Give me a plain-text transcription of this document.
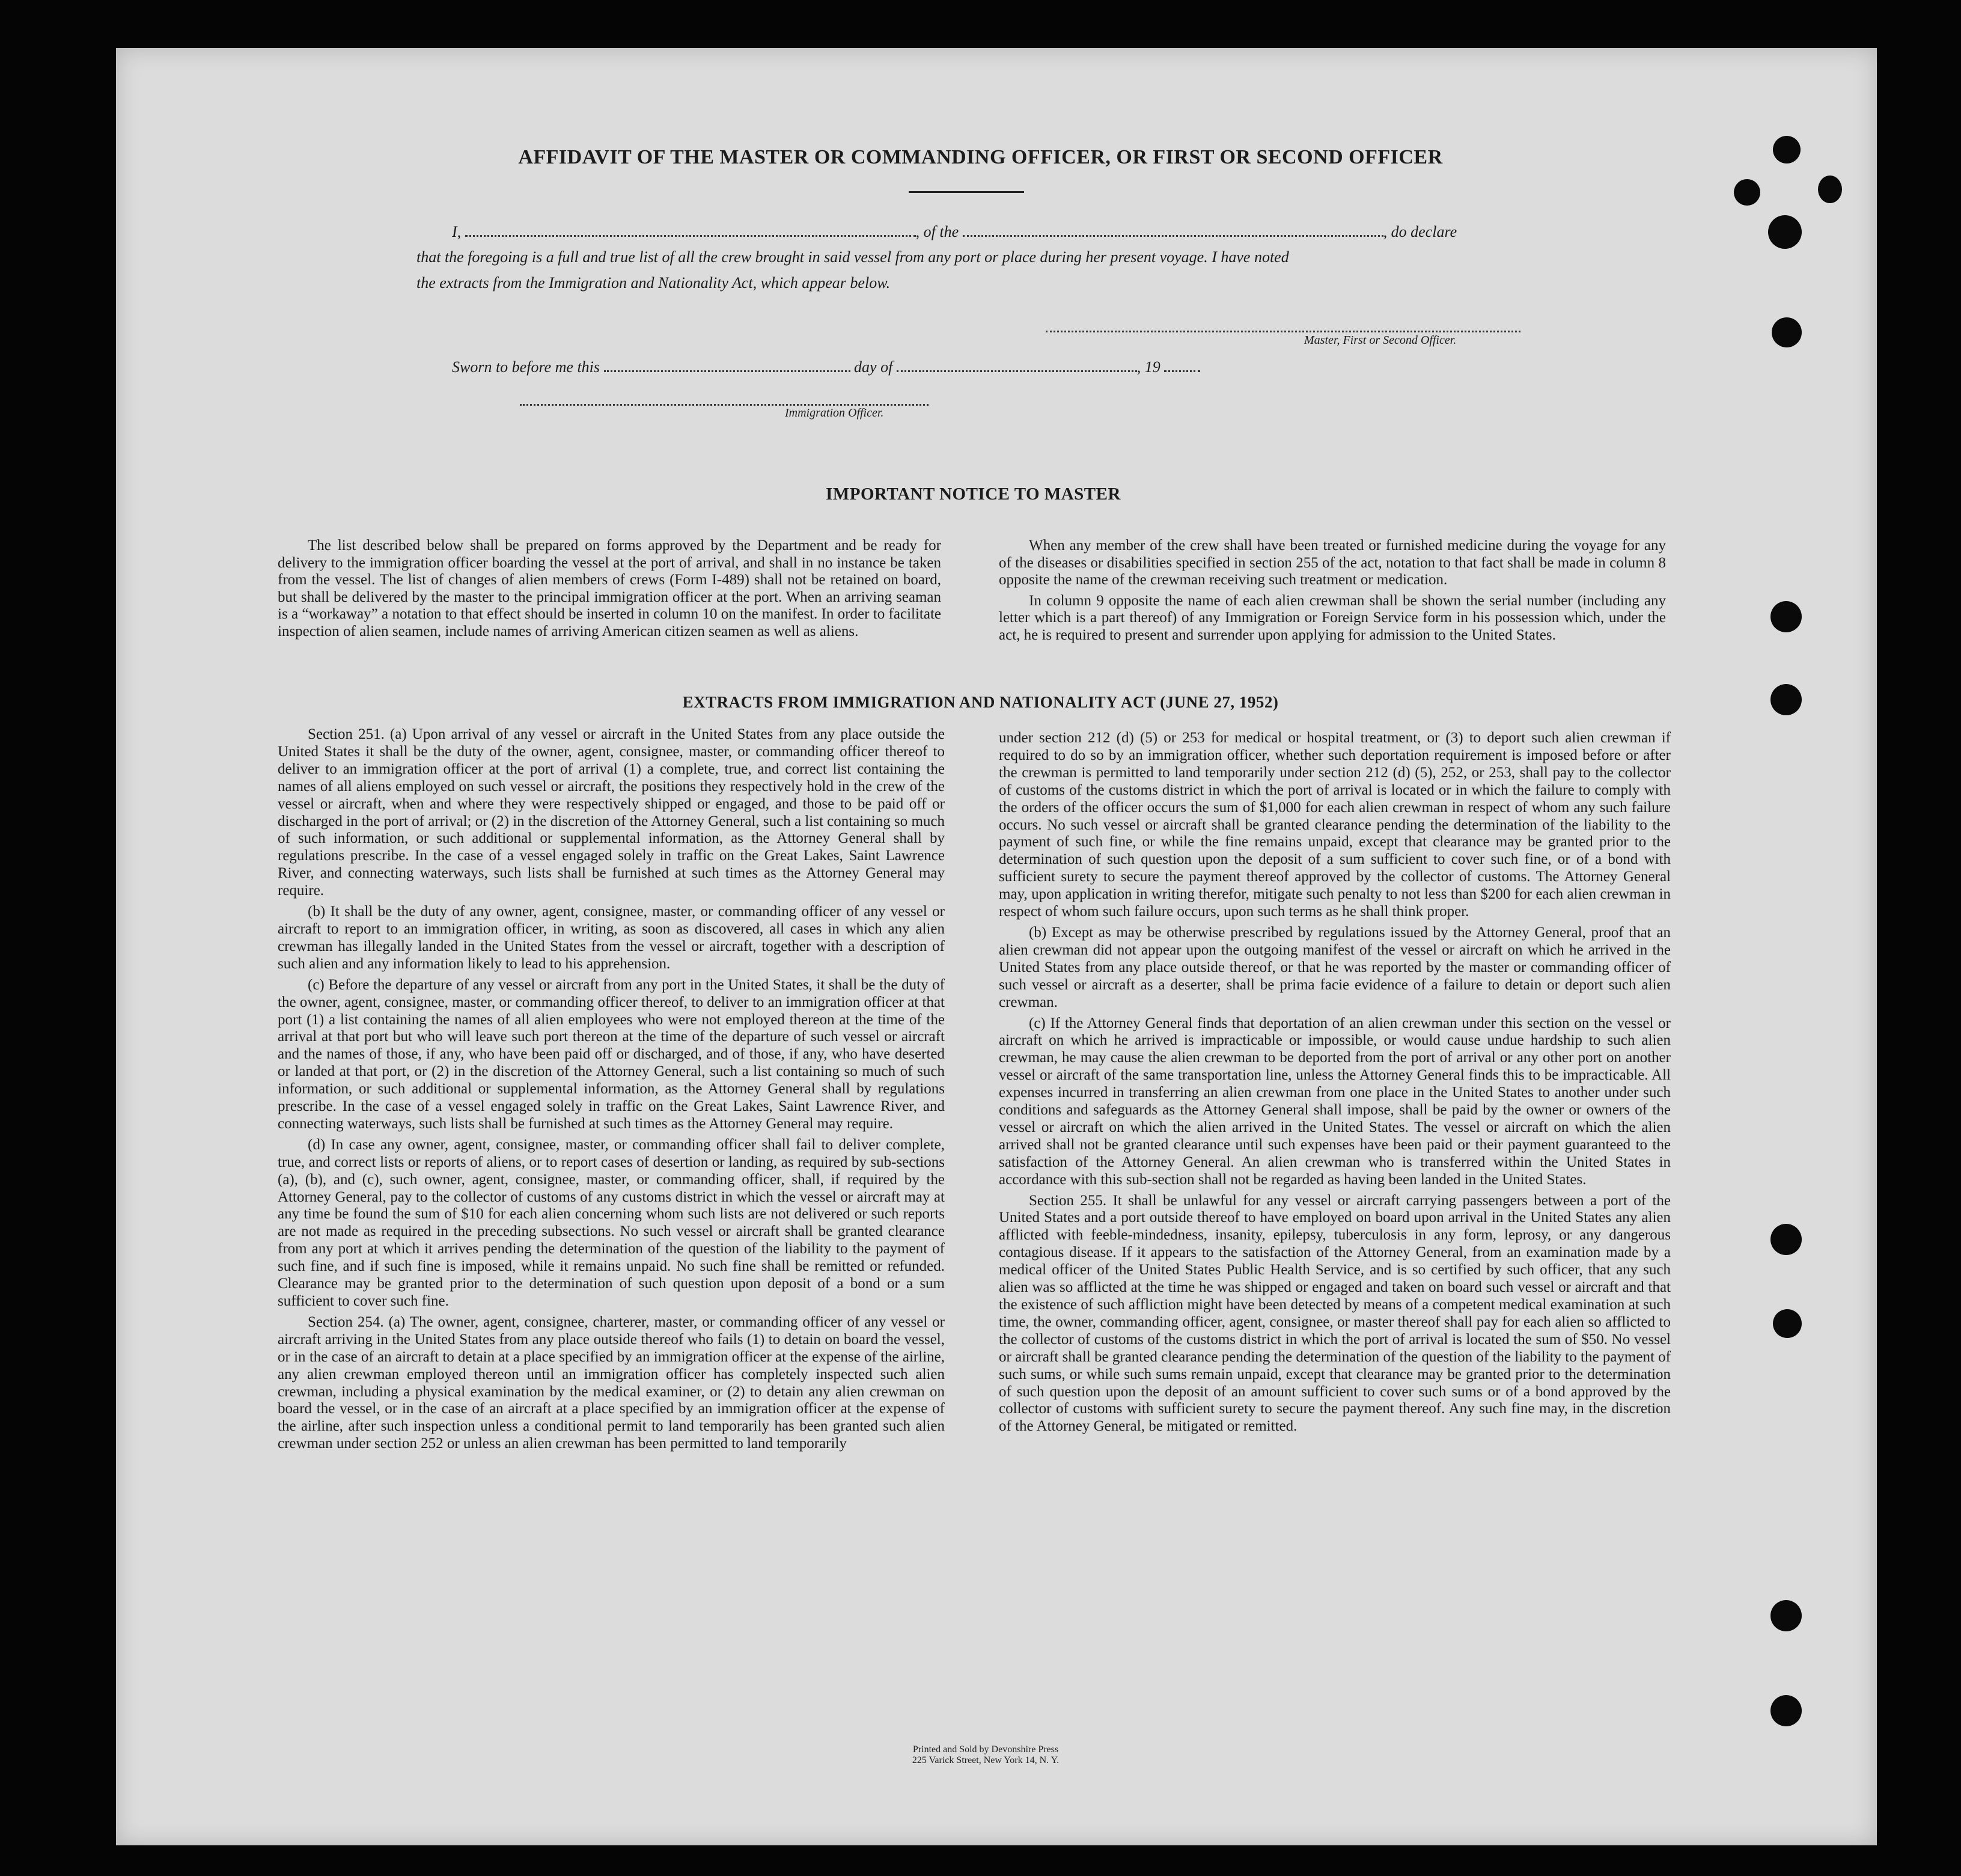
AFFIDAVIT OF THE MASTER OR COMMANDING OFFICER, OR FIRST OR SECOND OFFICER
I,	, of the	, do declare
that the foregoing is a full and true list of all the crew brought in said vessel from any port or place during her present voyage. I have noted
the extracts from the Immigration and Nationality Act, which appear below.
Master, First or Second Officer.
Sworn to before me this	day of	, 19
Immigration Officer.
IMPORTANT NOTICE TO MASTER

The list described below shall be prepared on forms approved by the Department and be ready for delivery to the immigration officer boarding the vessel at the port of arrival, and shall in no instance be taken from the vessel. The list of changes of alien members of crews (Form I-489) shall not be retained on board, but shall be delivered by the master to the principal immigration officer at the port. When an arriving seaman is a “workaway” a notation to that effect should be inserted in column 10 on the manifest. In order to facilitate inspection of alien seamen, include names of arriving American citizen seamen as well as aliens.

When any member of the crew shall have been treated or furnished medicine during the voyage for any of the diseases or disabilities specified in section 255 of the act, notation to that fact shall be made in column 8 opposite the name of the crewman receiving such treatment or medication.

In column 9 opposite the name of each alien crewman shall be shown the serial number (including any letter which is a part thereof) of any Immigration or Foreign Service form in his possession which, under the act, he is required to present and surrender upon applying for admission to the United States.

EXTRACTS FROM IMMIGRATION AND NATIONALITY ACT (JUNE 27, 1952)

Section 251. (a) Upon arrival of any vessel or aircraft in the United States from any place outside the United States it shall be the duty of the owner, agent, consignee, master, or commanding officer thereof to deliver to an immigration officer at the port of arrival (1) a complete, true, and correct list containing the names of all aliens employed on such vessel or aircraft, the positions they respectively hold in the crew of the vessel or aircraft, when and where they were respectively shipped or engaged, and those to be paid off or discharged in the port of arrival; or (2) in the discretion of the Attorney General, such a list containing so much of such information, or such additional or supplemental information, as the Attorney General shall by regulations prescribe. In the case of a vessel engaged solely in traffic on the Great Lakes, Saint Lawrence River, and connecting waterways, such lists shall be furnished at such times as the Attorney General may require.

(b) It shall be the duty of any owner, agent, consignee, master, or commanding officer of any vessel or aircraft to report to an immigration officer, in writing, as soon as discovered, all cases in which any alien crewman has illegally landed in the United States from the vessel or aircraft, together with a description of such alien and any information likely to lead to his apprehension.

(c) Before the departure of any vessel or aircraft from any port in the United States, it shall be the duty of the owner, agent, consignee, master, or commanding officer thereof, to deliver to an immigration officer at that port (1) a list containing the names of all alien employees who were not employed thereon at the time of the arrival at that port but who will leave such port thereon at the time of the departure of such vessel or aircraft and the names of those, if any, who have been paid off or discharged, and of those, if any, who have deserted or landed at that port, or (2) in the discretion of the Attorney General, such a list containing so much of such information, or such additional or supplemental information, as the Attorney General shall by regulations prescribe. In the case of a vessel engaged solely in traffic on the Great Lakes, Saint Lawrence River, and connecting waterways, such lists shall be furnished at such times as the Attorney General may require.

(d) In case any owner, agent, consignee, master, or commanding officer shall fail to deliver complete, true, and correct lists or reports of aliens, or to report cases of desertion or landing, as required by sub-sections (a), (b), and (c), such owner, agent, consignee, master, or commanding officer, shall, if required by the Attorney General, pay to the collector of customs of any customs district in which the vessel or aircraft may at any time be found the sum of $10 for each alien concerning whom such lists are not delivered or such reports are not made as required in the preceding subsections. No such vessel or aircraft shall be granted clearance from any port at which it arrives pending the determination of the question of the liability to the payment of such fine, and if such fine is imposed, while it remains unpaid. No such fine shall be remitted or refunded. Clearance may be granted prior to the determination of such question upon deposit of a bond or a sum sufficient to cover such fine.

Section 254. (a) The owner, agent, consignee, charterer, master, or commanding officer of any vessel or aircraft arriving in the United States from any place outside thereof who fails (1) to detain on board the vessel, or in the case of an aircraft to detain at a place specified by an immigration officer at the expense of the airline, any alien crewman employed thereon until an immigration officer has completely inspected such alien crewman, including a physical examination by the medical examiner, or (2) to detain any alien crewman on board the vessel, or in the case of an aircraft at a place specified by an immigration officer at the expense of the airline, after such inspection unless a conditional permit to land temporarily has been granted such alien crewman under section 252 or unless an alien crewman has been permitted to land temporarily

under section 212 (d) (5) or 253 for medical or hospital treatment, or (3) to deport such alien crewman if required to do so by an immigration officer, whether such deportation requirement is imposed before or after the crewman is permitted to land temporarily under section 212 (d) (5), 252, or 253, shall pay to the collector of customs of the customs district in which the port of arrival is located or in which the failure to comply with the orders of the officer occurs the sum of $1,000 for each alien crewman in respect of whom any such failure occurs. No such vessel or aircraft shall be granted clearance pending the determination of the liability to the payment of such fine, or while the fine remains unpaid, except that clearance may be granted prior to the determination of such question upon the deposit of a sum sufficient to cover such fine, or of a bond with sufficient surety to secure the payment thereof approved by the collector of customs. The Attorney General may, upon application in writing therefor, mitigate such penalty to not less than $200 for each alien crewman in respect of whom such failure occurs, upon such terms as he shall think proper.

(b) Except as may be otherwise prescribed by regulations issued by the Attorney General, proof that an alien crewman did not appear upon the outgoing manifest of the vessel or aircraft on which he arrived in the United States from any place outside thereof, or that he was reported by the master or commanding officer of such vessel or aircraft as a deserter, shall be prima facie evidence of a failure to detain or deport such alien crewman.

(c) If the Attorney General finds that deportation of an alien crewman under this section on the vessel or aircraft on which he arrived is impracticable or impossible, or would cause undue hardship to such alien crewman, he may cause the alien crewman to be deported from the port of arrival or any other port on another vessel or aircraft of the same transportation line, unless the Attorney General finds this to be impracticable. All expenses incurred in transferring an alien crewman from one place in the United States to another under such conditions and safeguards as the Attorney General shall impose, shall be paid by the owner or owners of the vessel or aircraft on which the alien arrived in the United States. The vessel or aircraft on which the alien arrived shall not be granted clearance until such expenses have been paid or their payment guaranteed to the satisfaction of the Attorney General. An alien crewman who is transferred within the United States in accordance with this sub-section shall not be regarded as having been landed in the United States.

Section 255. It shall be unlawful for any vessel or aircraft carrying passengers between a port of the United States and a port outside thereof to have employed on board upon arrival in the United States any alien afflicted with feeble-mindedness, insanity, epilepsy, tuberculosis in any form, leprosy, or any dangerous contagious disease. If it appears to the satisfaction of the Attorney General, from an examination made by a medical officer of the United States Public Health Service, and is so certified by such officer, that any such alien was so afflicted at the time he was shipped or engaged and taken on board such vessel or aircraft and that the existence of such affliction might have been detected by means of a competent medical examination at such time, the owner, commanding officer, agent, consignee, or master thereof shall pay for each alien so afflicted to the collector of customs of the customs district in which the port of arrival is located the sum of $50. No vessel or aircraft shall be granted clearance pending the determination of the question of the liability to the payment of such sums, or while such sums remain unpaid, except that clearance may be granted prior to the determination of such question upon the deposit of an amount sufficient to cover such sums or of a bond approved by the collector of customs with sufficient surety to secure the payment thereof. Any such fine may, in the discretion of the Attorney General, be mitigated or remitted.

Printed and Sold by Devonshire Press
225 Varick Street, New York 14, N. Y.
